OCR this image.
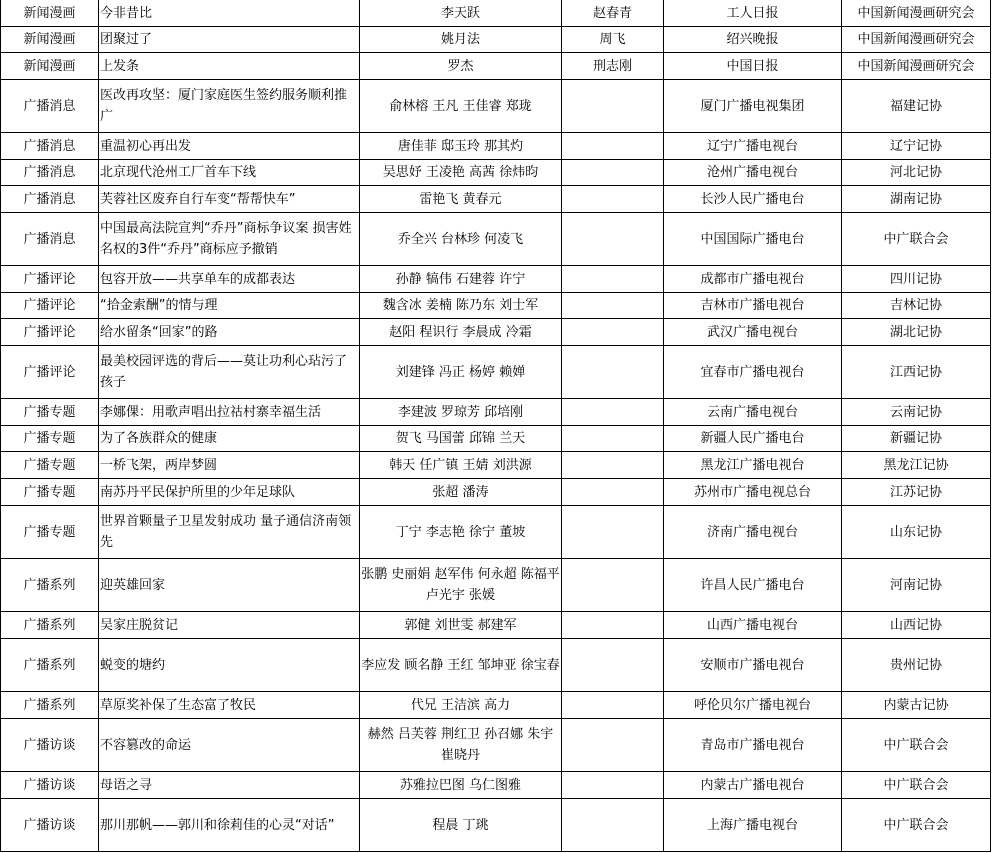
新闻漫画	今非昔比	李天跃	赵春青	工人日报	中国新闻漫画研究会
新闻漫画	团聚过了	姚月法	周飞	绍兴晚报	中国新闻漫画研究会
新闻漫画	上发条	罗杰	刑志刚	中国日报	中国新闻漫画研究会
广播消息	医改再攻坚：厦门家庭医生签约服务顺利推广	俞林榕 王凡 王佳睿 郑珑		厦门广播电视集团	福建记协
广播消息	重温初心再出发	唐佳菲 邸玉玲 那其灼		辽宁广播电视台	辽宁记协
广播消息	北京现代沧州工厂首车下线	吴思妤 王凌艳 高茜 徐炜昀		沧州广播电视台	河北记协
广播消息	芙蓉社区废弃自行车变“帮帮快车”	雷艳飞 黄春元		长沙人民广播电台	湖南记协
广播消息	中国最高法院宣判“乔丹”商标争议案 损害姓名权的3件“乔丹”商标应予撤销	乔全兴 台林珍 何凌飞		中国国际广播电台	中广联合会
广播评论	包容开放——共享单车的成都表达	孙静 犒伟 石建蓉 许宁		成都市广播电视台	四川记协
广播评论	“拾金索酬”的情与理	魏含冰 姜楠 陈乃东 刘士军		吉林市广播电视台	吉林记协
广播评论	给水留条“回家”的路	赵阳 程识行 李晨成 冷霜		武汉广播电视台	湖北记协
广播评论	最美校园评选的背后——莫让功利心玷污了孩子	刘建锋 冯正 杨婷 赖婵		宜春市广播电视台	江西记协
广播专题	李娜倮：用歌声唱出拉祜村寨幸福生活	李建波 罗琼芳 邱培刚		云南广播电视台	云南记协
广播专题	为了各族群众的健康	贺飞 马国蕾 邱锦 兰天		新疆人民广播电台	新疆记协
广播专题	一桥飞架，两岸梦圆	韩天 任广镇 王婧 刘洪源		黑龙江广播电视台	黑龙江记协
广播专题	南苏丹平民保护所里的少年足球队	张超 潘涛		苏州市广播电视总台	江苏记协
广播专题	世界首颗量子卫星发射成功 量子通信济南领先	丁宁 李志艳 徐宁 董坡		济南广播电视台	山东记协
广播系列	迎英雄回家	张鹏 史丽娟 赵军伟 何永超 陈福平 卢光宇 张媛		许昌人民广播电台	河南记协
广播系列	吴家庄脱贫记	郭健 刘世雯 郝建军		山西广播电视台	山西记协
广播系列	蜕变的塘约	李应发 顾名静 王红 邹坤亚 徐宝春		安顺市广播电视台	贵州记协
广播系列	草原奖补保了生态富了牧民	代兄 王洁滨 高力		呼伦贝尔广播电视台	内蒙古记协
广播访谈	不容篡改的命运	赫然 吕芙蓉 荆红卫 孙召娜 朱宇 崔晓丹		青岛市广播电视台	中广联合会
广播访谈	母语之寻	苏雅拉巴图 乌仁图雅		内蒙古广播电视台	中广联合会
广播访谈	那川那帆——郭川和徐莉佳的心灵“对话”	程晨 丁珧		上海广播电视台	中广联合会
